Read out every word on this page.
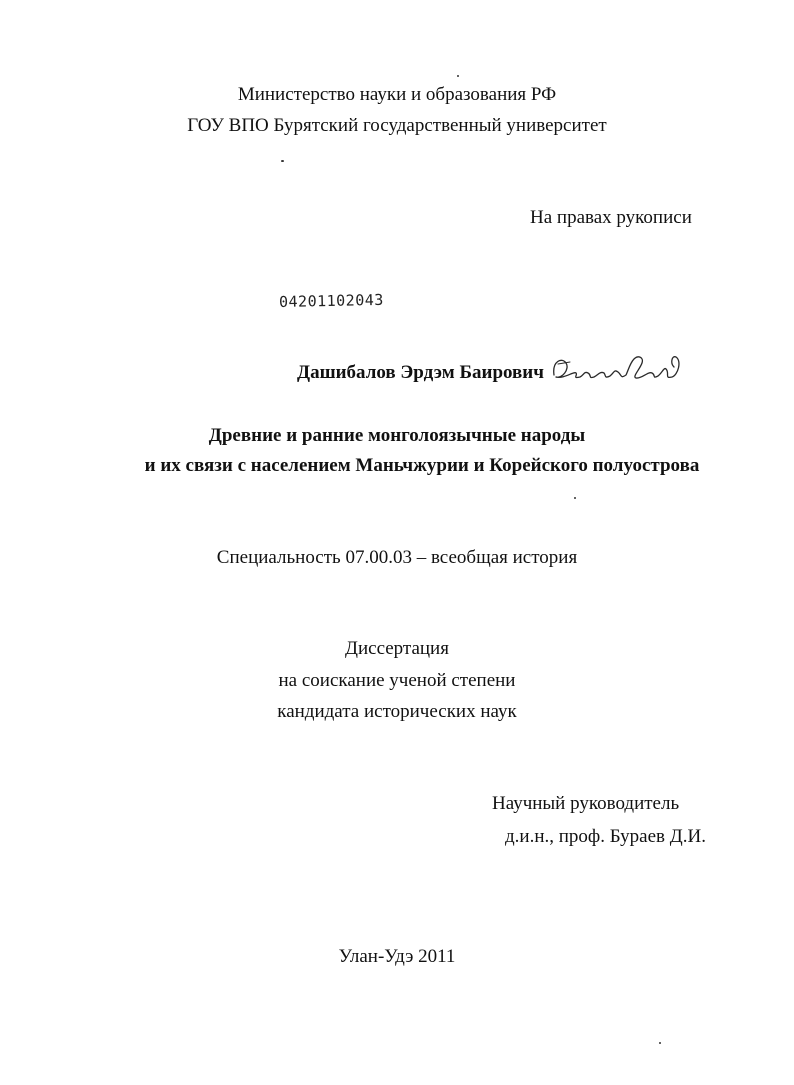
Министерство науки и образования РФ
ГОУ ВПО Бурятский государственный университет
На правах рукописи
04201102043
Дашибалов Эрдэм Баирович
Древние и ранние монголоязычные народы
и их связи с населением Маньчжурии и Корейского полуострова
Специальность 07.00.03 – всеобщая история
Диссертация
на соискание ученой степени
кандидата исторических наук
Научный руководитель
д.и.н., проф. Бураев Д.И.
Улан-Удэ 2011
